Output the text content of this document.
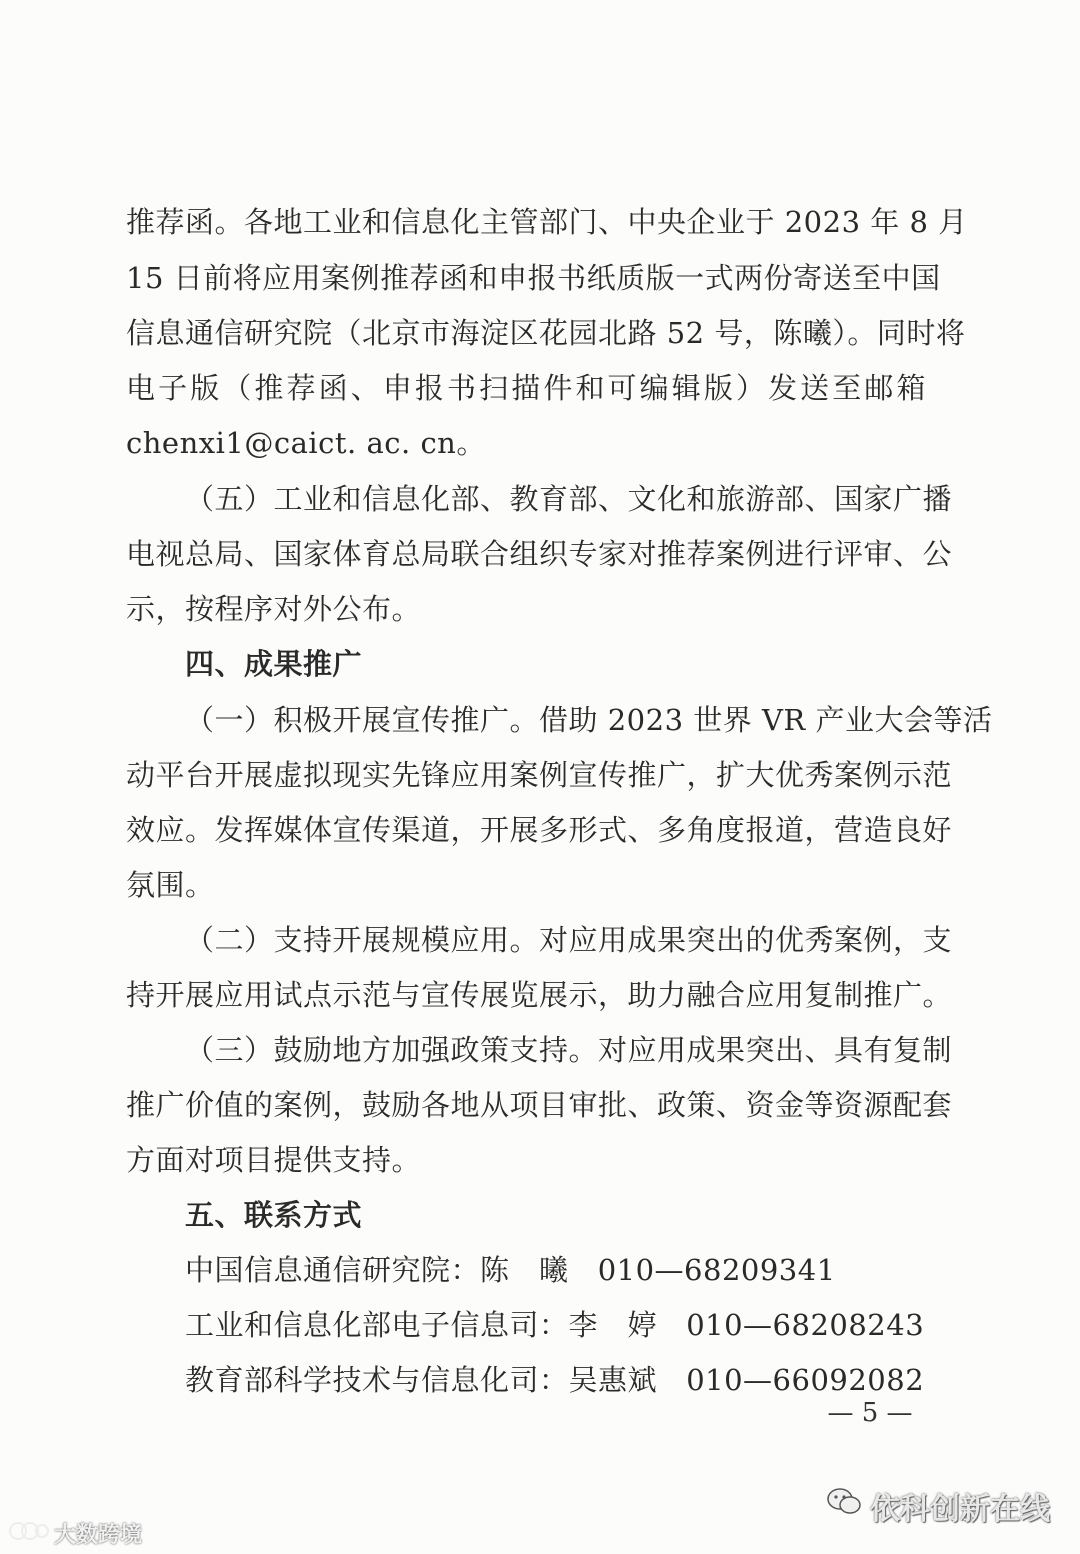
推荐函。各地工业和信息化主管部门、中央企业于 2023 年 8 月
15 日前将应用案例推荐函和申报书纸质版一式两份寄送至中国
信息通信研究院（北京市海淀区花园北路 52 号，陈曦）。同时将
电子版（推荐函、申报书扫描件和可编辑版）发送至邮箱
chenxi1@caict. ac. cn。
（五）工业和信息化部、教育部、文化和旅游部、国家广播
电视总局、国家体育总局联合组织专家对推荐案例进行评审、公
示，按程序对外公布。
四、成果推广
（一）积极开展宣传推广。借助 2023 世界 VR 产业大会等活
动平台开展虚拟现实先锋应用案例宣传推广，扩大优秀案例示范
效应。发挥媒体宣传渠道，开展多形式、多角度报道，营造良好
氛围。
（二）支持开展规模应用。对应用成果突出的优秀案例，支
持开展应用试点示范与宣传展览展示，助力融合应用复制推广。
（三）鼓励地方加强政策支持。对应用成果突出、具有复制
推广价值的案例，鼓励各地从项目审批、政策、资金等资源配套
方面对项目提供支持。
五、联系方式
中国信息通信研究院：陈　曦 010—68209341
工业和信息化部电子信息司：李　婷 010—68208243
教育部科学技术与信息化司：吴惠斌 010—66092082
— 5 —
依科创新在线
大数跨境
